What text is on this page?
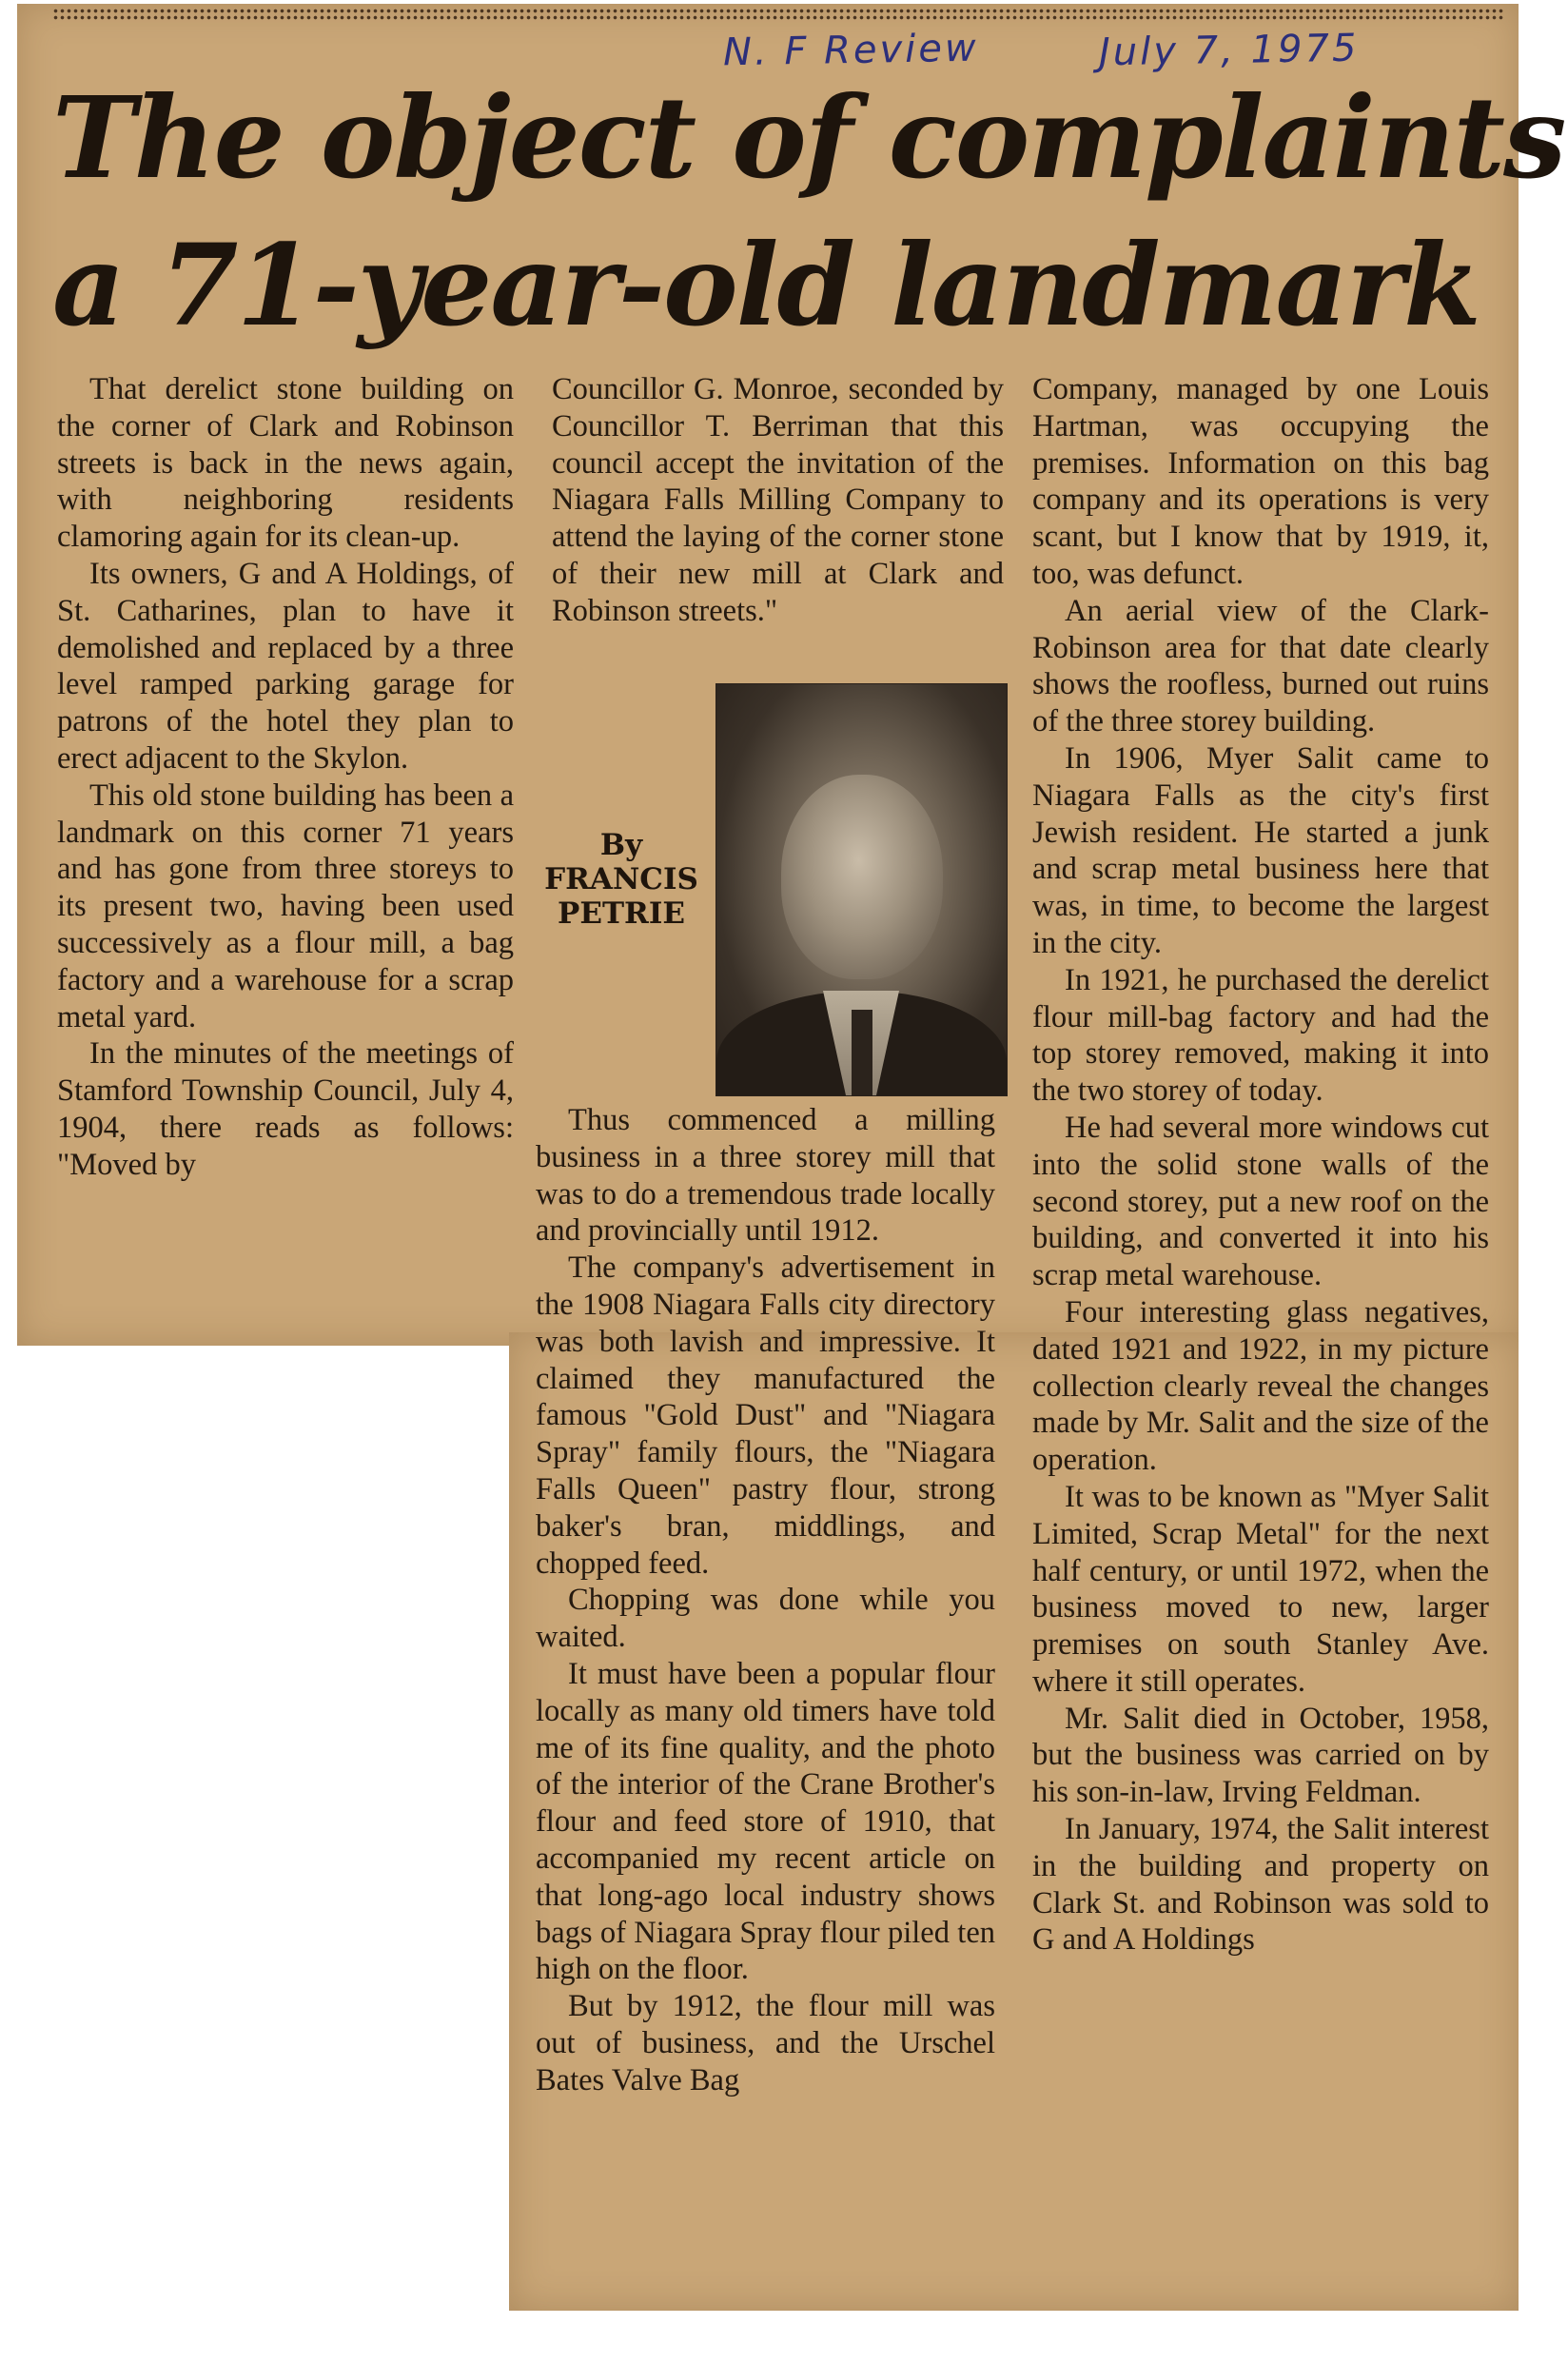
N. F Review	July 7, 1975
The object of complaints
a 71-year-old landmark

That derelict stone building on the corner of Clark and Robinson streets is back in the news again, with neighboring residents clamoring again for its clean-up.

Its owners, G and A Holdings, of St. Catharines, plan to have it demolished and replaced by a three level ramped parking garage for patrons of the hotel they plan to erect adjacent to the Skylon.

This old stone building has been a landmark on this corner 71 years and has gone from three storeys to its present two, having been used successively as a flour mill, a bag factory and a warehouse for a scrap metal yard.

In the minutes of the meetings of Stamford Township Council, July 4, 1904, there reads as follows: "Moved by

Councillor G. Monroe, seconded by Councillor T. Berriman that this council accept the invitation of the Niagara Falls Milling Company to attend the laying of the corner stone of their new mill at Clark and Robinson streets."

By
FRANCIS
PETRIE

Thus commenced a milling business in a three storey mill that was to do a tremendous trade locally and provincially until 1912.

The company's advertisement in the 1908 Niagara Falls city directory was both lavish and impressive. It claimed they manufactured the famous "Gold Dust" and "Niagara Spray" family flours, the "Niagara Falls Queen" pastry flour, strong baker's bran, middlings, and chopped feed.

Chopping was done while you waited.

It must have been a popular flour locally as many old timers have told me of its fine quality, and the photo of the interior of the Crane Brother's flour and feed store of 1910, that accompanied my recent article on that long-ago local industry shows bags of Niagara Spray flour piled ten high on the floor.

But by 1912, the flour mill was out of business, and the Urschel Bates Valve Bag

Company, managed by one Louis Hartman, was occupying the premises. Information on this bag company and its operations is very scant, but I know that by 1919, it, too, was defunct.

An aerial view of the Clark-Robinson area for that date clearly shows the roofless, burned out ruins of the three storey building.

In 1906, Myer Salit came to Niagara Falls as the city's first Jewish resident. He started a junk and scrap metal business here that was, in time, to become the largest in the city.

In 1921, he purchased the derelict flour mill-bag factory and had the top storey removed, making it into the two storey of today.

He had several more windows cut into the solid stone walls of the second storey, put a new roof on the building, and converted it into his scrap metal warehouse.

Four interesting glass negatives, dated 1921 and 1922, in my picture collection clearly reveal the changes made by Mr. Salit and the size of the operation.

It was to be known as "Myer Salit Limited, Scrap Metal" for the next half century, or until 1972, when the business moved to new, larger premises on south Stanley Ave. where it still operates.

Mr. Salit died in October, 1958, but the business was carried on by his son-in-law, Irving Feldman.

In January, 1974, the Salit interest in the building and property on Clark St. and Robinson was sold to G and A Holdings
